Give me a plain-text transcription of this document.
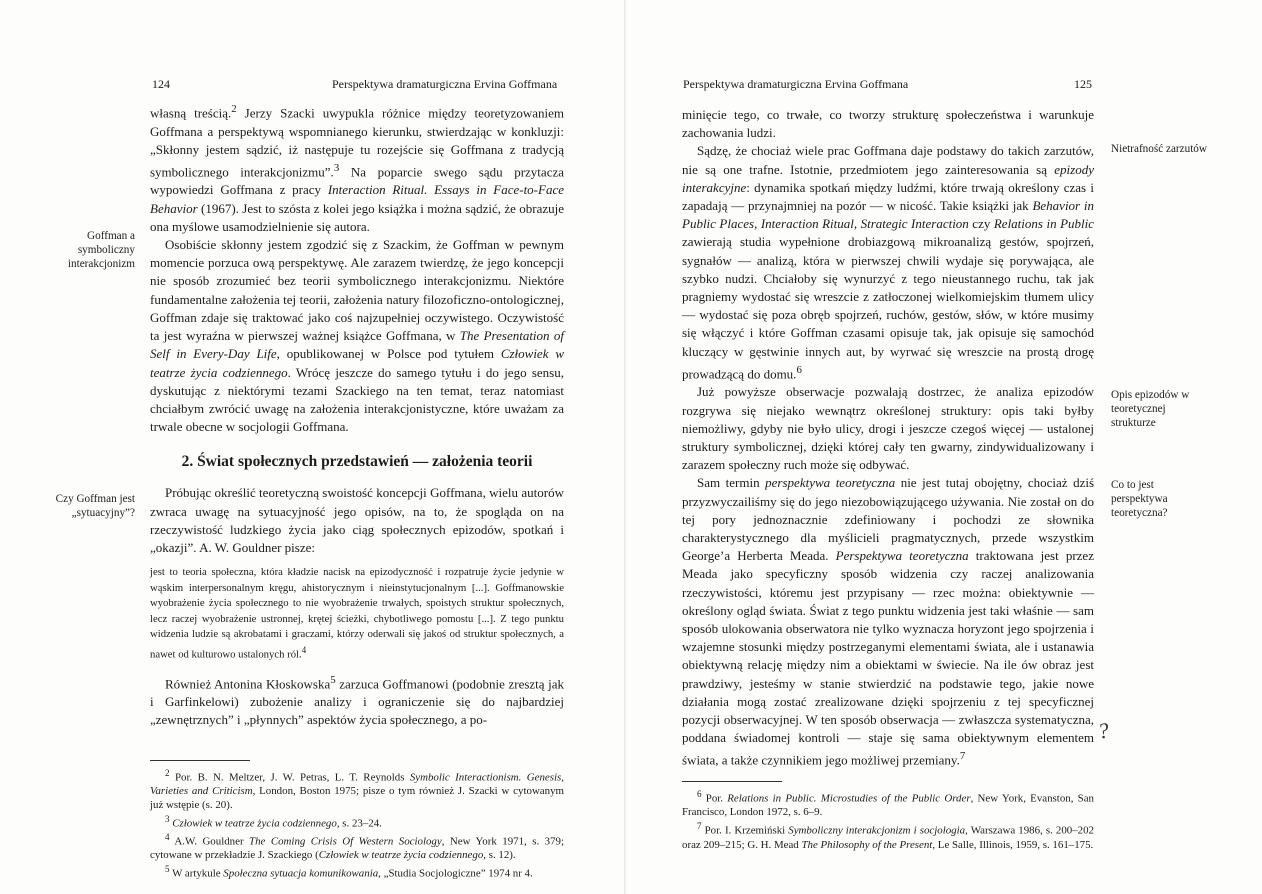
124	Perspektywa dramaturgiczna Ervina Goffmana
Goffman a symboliczny interakcjonizm
Czy Goffman jest „sytuacyjny”?

własną treścią.$^2$ Jerzy Szacki uwypukla różnice między teoretyzowaniem Goffmana a perspektywą wspomnianego kierunku, stwierdzając w konkluzji: „Skłonny jestem sądzić, iż następuje tu rozejście się Goffmana z tradycją symbolicznego interakcjonizmu”.$^3$ Na poparcie swego sądu przytacza wypowiedzi Goffmana z pracy Interaction Ritual. Essays in Face-to-Face Behavior (1967). Jest to szósta z kolei jego książka i można sądzić, że obrazuje ona myślowe usamodzielnienie się autora.

Osobiście skłonny jestem zgodzić się z Szackim, że Goffman w pewnym momencie porzuca ową perspektywę. Ale zarazem twierdzę, że jego koncepcji nie sposób zrozumieć bez teorii symbolicznego interakcjonizmu. Niektóre fundamentalne założenia tej teorii, założenia natury filozoficzno-ontologicznej, Goffman zdaje się traktować jako coś najzupełniej oczywistego. Oczywistość ta jest wyraźna w pierwszej ważnej książce Goffmana, w The Presentation of Self in Every-Day Life, opublikowanej w Polsce pod tytułem Człowiek w teatrze życia codziennego. Wrócę jeszcze do samego tytułu i do jego sensu, dyskutując z niektórymi tezami Szackiego na ten temat, teraz natomiast chciałbym zwrócić uwagę na założenia interakcjonistyczne, które uważam za trwale obecne w socjologii Goffmana.

2. Świat społecznych przedstawień — założenia teorii

Próbując określić teoretyczną swoistość koncepcji Goffmana, wielu autorów zwraca uwagę na sytuacyjność jego opisów, na to, że spogląda on na rzeczywistość ludzkiego życia jako ciąg społecznych epizodów, spotkań i „okazji”. A. W. Gouldner pisze:

jest to teoria społeczna, która kładzie nacisk na epizodyczność i rozpatruje życie jedynie w wąskim interpersonalnym kręgu, ahistorycznym i nieinstytucjonalnym [...]. Goffmanowskie wyobrażenie życia społecznego to nie wyobrażenie trwałych, spoistych struktur społecznych, lecz raczej wyobrażenie ustronnej, krętej ścieżki, chybotliwego pomostu [...]. Z tego punktu widzenia ludzie są akrobatami i graczami, którzy oderwali się jakoś od struktur społecznych, a nawet od kulturowo ustalonych ról.$^4$

Również Antonina Kłoskowska$^5$ zarzuca Goffmanowi (podobnie zresztą jak i Garfinkelowi) zubożenie analizy i ograniczenie się do najbardziej „zewnętrznych” i „płynnych” aspektów życia społecznego, a po-

$^2$ Por. B. N. Meltzer, J. W. Petras, L. T. Reynolds Symbolic Interactionism. Genesis, Varieties and Criticism, London, Boston 1975; pisze o tym również J. Szacki w cytowanym już wstępie (s. 20).

$^3$ Człowiek w teatrze życia codziennego, s. 23–24.

$^4$ A.W. Gouldner The Coming Crisis Of Western Sociology, New York 1971, s. 379; cytowane w przekładzie J. Szackiego (Człowiek w teatrze życia codziennego, s. 12).

$^5$ W artykule Społeczna sytuacja komunikowania, „Studia Socjologiczne” 1974 nr 4.

Perspektywa dramaturgiczna Ervina Goffmana	125
Nietrafność zarzutów
Opis epizodów w teoretycznej strukturze
Co to jest perspektywa teoretyczna?

minięcie tego, co trwałe, co tworzy strukturę społeczeństwa i warunkuje zachowania ludzi.

Sądzę, że chociaż wiele prac Goffmana daje podstawy do takich zarzutów, nie są one trafne. Istotnie, przedmiotem jego zainteresowania są epizody interakcyjne: dynamika spotkań między ludźmi, które trwają określony czas i zapadają — przynajmniej na pozór — w nicość. Takie książki jak Behavior in Public Places, Interaction Ritual, Strategic Interaction czy Relations in Public zawierają studia wypełnione drobiazgową mikroanalizą gestów, spojrzeń, sygnałów — analizą, która w pierwszej chwili wydaje się porywająca, ale szybko nudzi. Chciałoby się wynurzyć z tego nieustannego ruchu, tak jak pragniemy wydostać się wreszcie z zatłoczonej wielkomiejskim tłumem ulicy — wydostać się poza obręb spojrzeń, ruchów, gestów, słów, w które musimy się włączyć i które Goffman czasami opisuje tak, jak opisuje się samochód kluczący w gęstwinie innych aut, by wyrwać się wreszcie na prostą drogę prowadzącą do domu.$^6$

Już powyższe obserwacje pozwalają dostrzec, że analiza epizodów rozgrywa się niejako wewnątrz określonej struktury: opis taki byłby niemożliwy, gdyby nie było ulicy, drogi i jeszcze czegoś więcej — ustalonej struktury symbolicznej, dzięki której cały ten gwarny, zindywidualizowany i zarazem społeczny ruch może się odbywać.

Sam termin perspektywa teoretyczna nie jest tutaj obojętny, chociaż dziś przyzwyczailiśmy się do jego niezobowiązującego używania. Nie został on do tej pory jednoznacznie zdefiniowany i pochodzi ze słownika charakterystycznego dla myślicieli pragmatycznych, przede wszystkim George’a Herberta Meada. Perspektywa teoretyczna traktowana jest przez Meada jako specyficzny sposób widzenia czy raczej analizowania rzeczywistości, któremu jest przypisany — rzec można: obiektywnie — określony ogląd świata. Świat z tego punktu widzenia jest taki właśnie — sam sposób ulokowania obserwatora nie tylko wyznacza horyzont jego spojrzenia i wzajemne stosunki między postrzeganymi elementami świata, ale i ustanawia obiektywną relację między nim a obiektami w świecie. Na ile ów obraz jest prawdziwy, jesteśmy w stanie stwierdzić na podstawie tego, jakie nowe działania mogą zostać zrealizowane dzięki spojrzeniu z tej specyficznej pozycji obserwacyjnej. W ten sposób obserwacja — zwłaszcza systematyczna, poddana świadomej kontroli — staje się sama obiektywnym elementem świata, a także czynnikiem jego możliwej przemiany.$^7$

$^6$ Por. Relations in Public. Microstudies of the Public Order, New York, Evanston, San Francisco, London 1972, s. 6–9.

$^7$ Por. I. Krzemiński Symboliczny interakcjonizm i socjologia, Warszawa 1986, s. 200–202 oraz 209–215; G. H. Mead The Philosophy of the Present, Le Salle, Illinois, 1959, s. 161–175.

?
